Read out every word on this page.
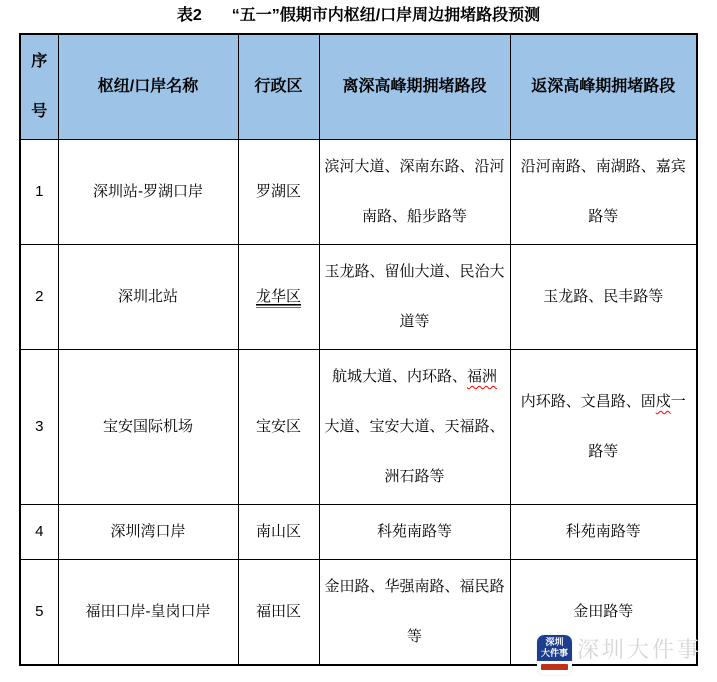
表2 “五一”假期市内枢纽/口岸周边拥堵路段预测
序号	枢纽/口岸名称	行政区	离深高峰期拥堵路段	返深高峰期拥堵路段
1	深圳站-罗湖口岸	罗湖区	滨河大道、深南东路、沿河南路、船步路等	沿河南路、南湖路、嘉宾路等
2	深圳北站	龙华区	玉龙路、留仙大道、民治大道等	玉龙路、民丰路等
3	宝安国际机场	宝安区	航城大道、内环路、福洲大道、宝安大道、天福路、洲石路等	内环路、文昌路、固戍一路等
4	深圳湾口岸	南山区	科苑南路等	科苑南路等
5	福田口岸-皇岗口岸	福田区	金田路、华强南路、福民路等	金田路等
深圳
大件事 深圳大件事
